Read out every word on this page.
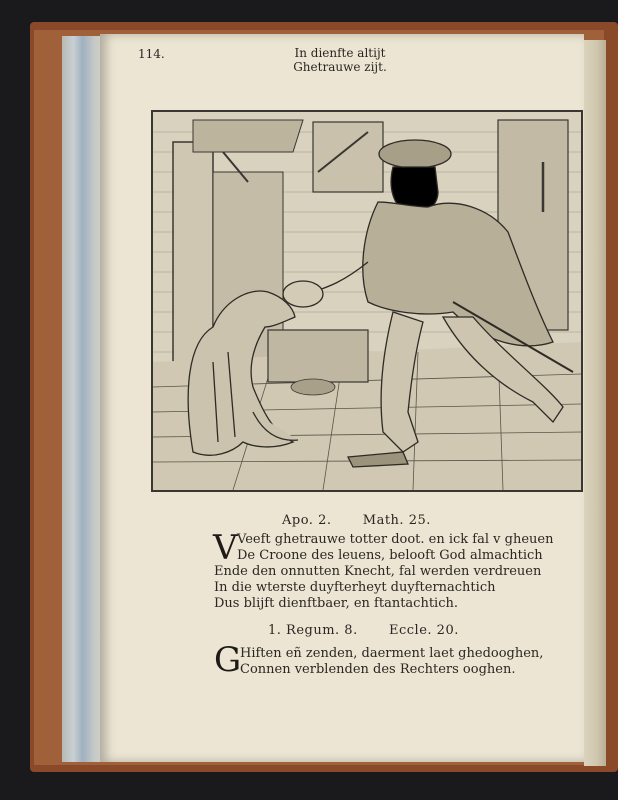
114.	In dienfte altijt
Ghetrauwe zijt.
Apo. 2. Math. 25.
V Veeft ghetrauwe totter doot. en ick fal v gheuen
De Croone des leuens, belooft God almachtich
Ende den onnutten Knecht, fal werden verdreuen
In die wterste duyfterheyt duyfternachtich
Dus blijft dienftbaer, en ftantachtich.
1. Regum. 8. Eccle. 20.
G
Hiften eñ zenden, daerment laet ghedooghen,
Connen verblenden des Rechters ooghen.
